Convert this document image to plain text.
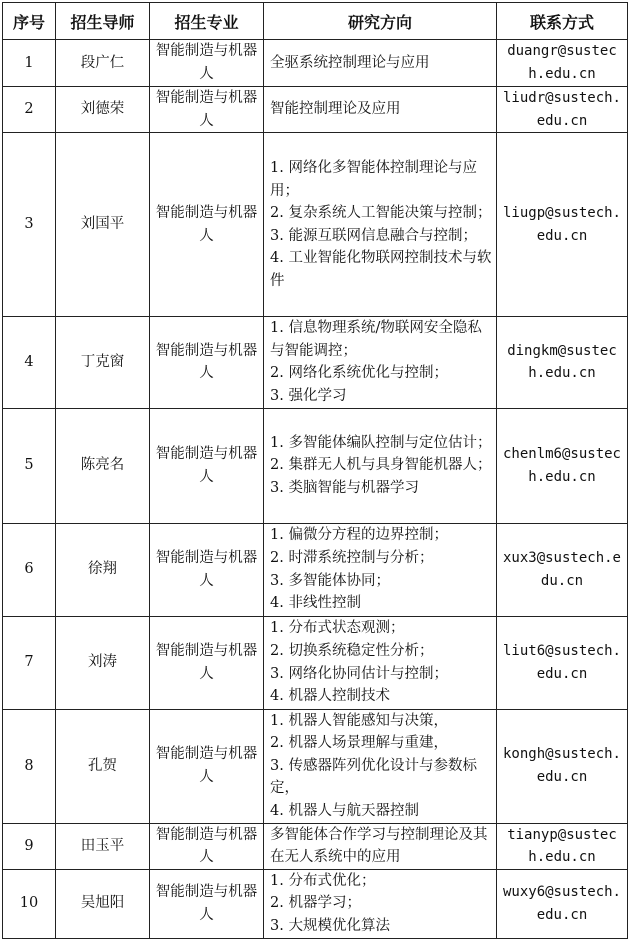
序号	招生导师	招生专业	研究方向	联系方式
1	段广仁	智能制造与机器人	全驱系统控制理论与应用	duangr@sustech.edu.cn
2	刘德荣	智能制造与机器人	智能控制理论及应用	liudr@sustech.edu.cn
3	刘国平	智能制造与机器人	1. 网络化多智能体控制理论与应用；
2. 复杂系统人工智能决策与控制；
3. 能源互联网信息融合与控制；
4. 工业智能化物联网控制技术与软件	liugp@sustech.edu.cn
4	丁克窗	智能制造与机器人	1. 信息物理系统/物联网安全隐私与智能调控；
2. 网络化系统优化与控制；
3. 强化学习	dingkm@sustech.edu.cn
5	陈亮名	智能制造与机器人	1. 多智能体编队控制与定位估计；
2. 集群无人机与具身智能机器人；
3. 类脑智能与机器学习	chenlm6@sustech.edu.cn
6	徐翔	智能制造与机器人	1. 偏微分方程的边界控制；
2. 时滞系统控制与分析；
3. 多智能体协同；
4. 非线性控制	xux3@sustech.edu.cn
7	刘涛	智能制造与机器人	1. 分布式状态观测；
2. 切换系统稳定性分析；
3. 网络化协同估计与控制；
4. 机器人控制技术	liut6@sustech.edu.cn
8	孔贺	智能制造与机器人	1. 机器人智能感知与决策，
2. 机器人场景理解与重建，
3. 传感器阵列优化设计与参数标定，
4. 机器人与航天器控制	kongh@sustech.edu.cn
9	田玉平	智能制造与机器人	多智能体合作学习与控制理论及其在无人系统中的应用	tianyp@sustech.edu.cn
10	吴旭阳	智能制造与机器人	1. 分布式优化；
2. 机器学习；
3. 大规模优化算法	wuxy6@sustech.edu.cn
